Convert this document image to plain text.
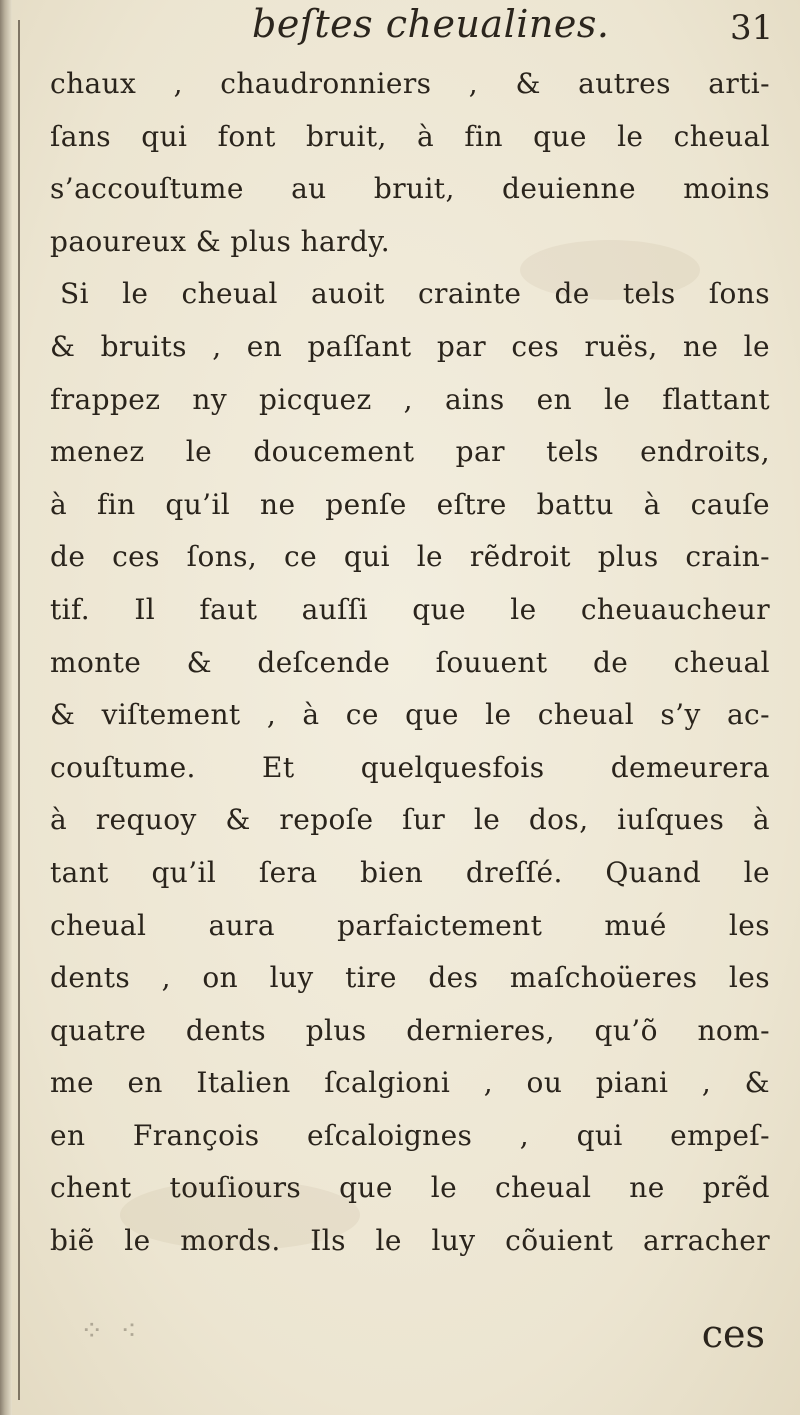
beſtes cheualines.	31
chaux , chaudronniers , & autres arti-
ſans qui font bruit, à fin que le cheual
s’accouſtume au bruit, deuienne moins
paoureux & plus hardy.
Si le cheual auoit crainte de tels ſons
& bruits , en paſſant par ces ruës, ne le
frappez ny picquez , ains en le flattant
menez le doucement par tels endroits,
à fin qu’il ne penſe eſtre battu à cauſe
de ces ſons, ce qui le rẽdroit plus crain-
tif. Il faut auſſi que le cheuaucheur
monte & deſcende ſouuent de cheual
& viſtement , à ce que le cheual s’y ac-
couſtume. Et quelquesfois demeurera
à requoy & repoſe ſur le dos, iuſques à
tant qu’il ſera bien dreſſé. Quand le
cheual aura parfaictement mué les
dents , on luy tire des maſchoüeres les
quatre dents plus dernieres, qu’õ nom-
me en Italien ſcalgioni , ou piani , &
en François eſcaloignes , qui empeſ-
chent touſiours que le cheual ne prẽd
biẽ le mords. Ils le luy cõuient arracher
⁘ ⁖	ces
